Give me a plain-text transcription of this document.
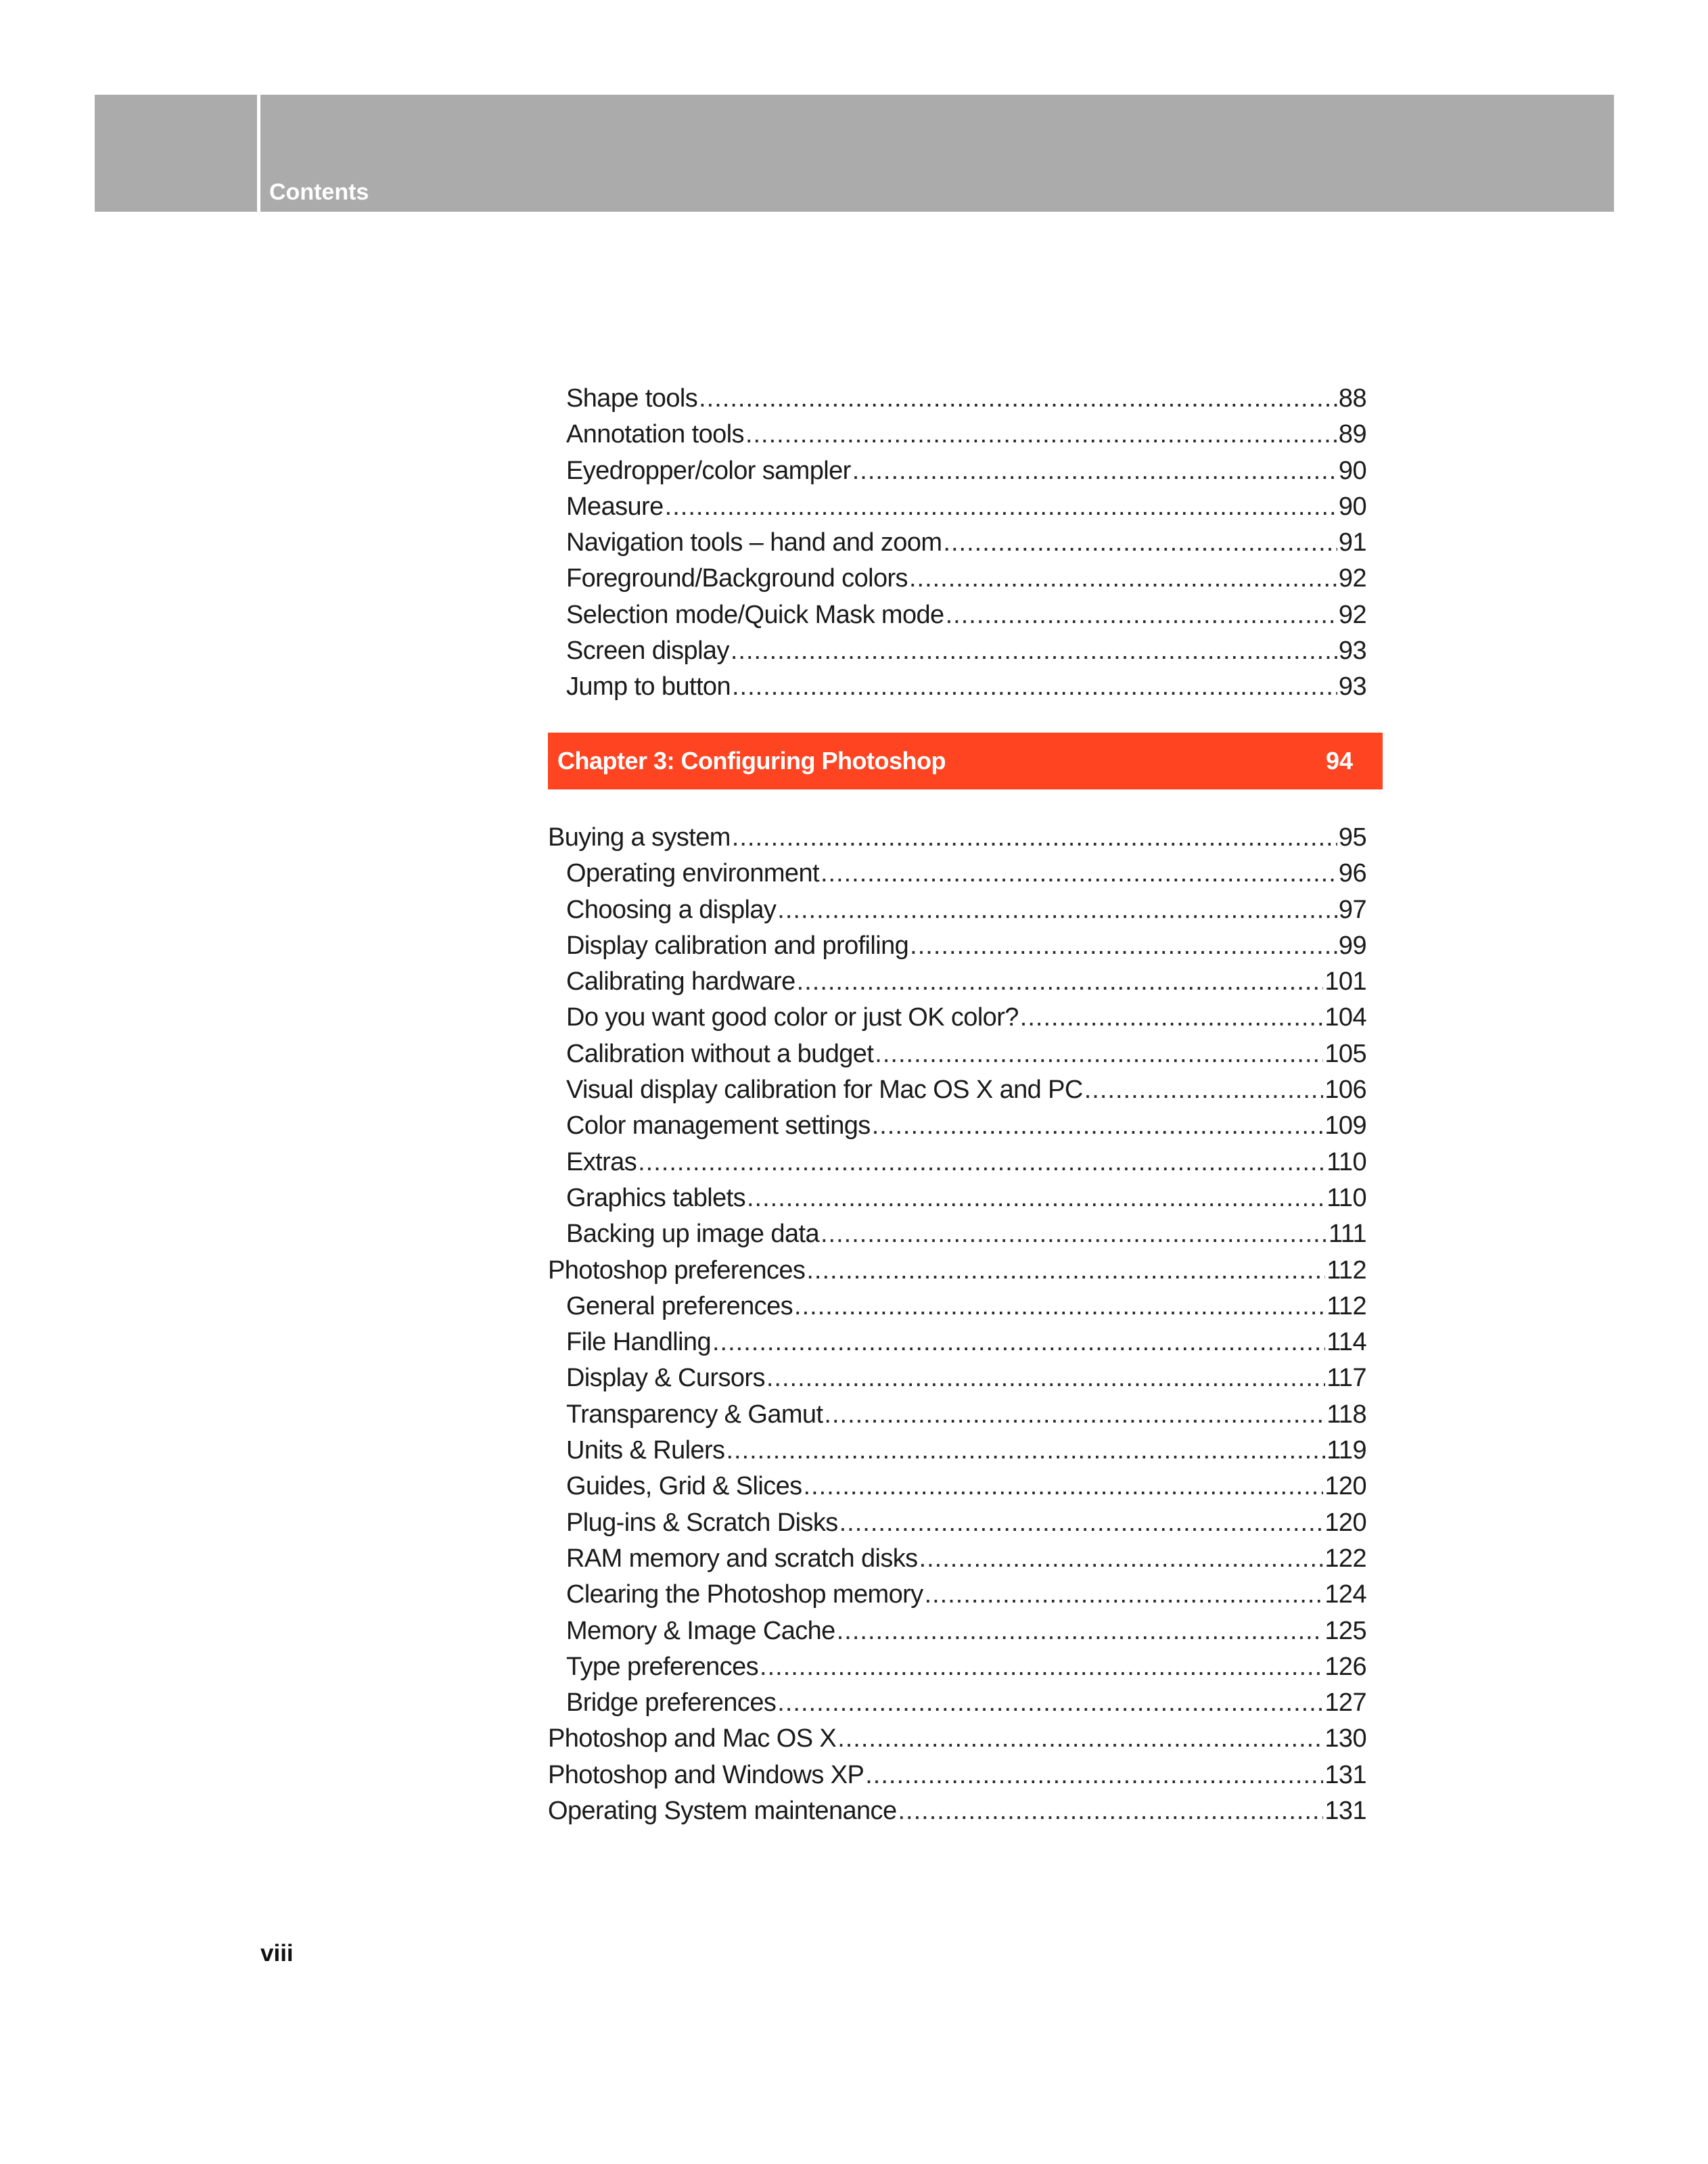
Contents
Shape tools .....	88
Annotation tools .....	89
Eyedropper/color sampler .....	90
Measure .....	90
Navigation tools – hand and zoom .....	91
Foreground/Background colors .....	92
Selection mode/Quick Mask mode .....	92
Screen display .....	93
Jump to button .....	93
Chapter 3: Configuring Photoshop	94
Buying a system .....	95
Operating environment .....	96
Choosing a display .....	97
Display calibration and profiling .....	99
Calibrating hardware .....	101
Do you want good color or just OK color? .....	104
Calibration without a budget .....	105
Visual display calibration for Mac OS X and PC .....	106
Color management settings .....	109
Extras .....	110
Graphics tablets .....	110
Backing up image data .....	111
Photoshop preferences .....	112
General preferences .....	112
File Handling .....	114
Display & Cursors .....	117
Transparency & Gamut .....	118
Units & Rulers .....	119
Guides, Grid & Slices .....	120
Plug-ins & Scratch Disks .....	120
RAM memory and scratch disks .....	122
Clearing the Photoshop memory .....	124
Memory & Image Cache .....	125
Type preferences .....	126
Bridge preferences .....	127
Photoshop and Mac OS X .....	130
Photoshop and Windows XP .....	131
Operating System maintenance .....	131

viii
